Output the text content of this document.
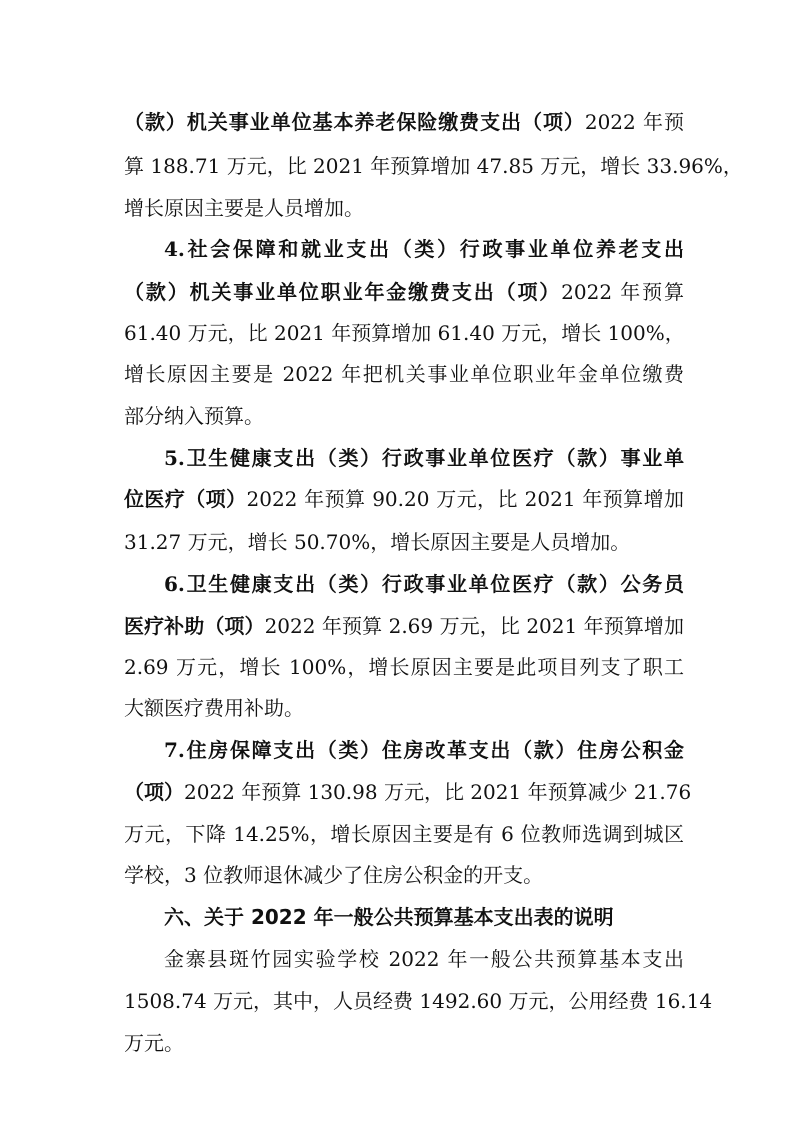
（款）机关事业单位基本养老保险缴费支出（项）2022 年预
算 188.71 万元，比 2021 年预算增加 47.85 万元，增长 33.96%，
增长原因主要是人员增加。
4.社会保障和就业支出（类）行政事业单位养老支出
（款）机关事业单位职业年金缴费支出（项）2022 年预算
61.40 万元，比 2021 年预算增加 61.40 万元，增长 100%，
增长原因主要是 2022 年把机关事业单位职业年金单位缴费
部分纳入预算。
5.卫生健康支出（类）行政事业单位医疗（款）事业单
位医疗（项）2022 年预算 90.20 万元，比 2021 年预算增加
31.27 万元，增长 50.70%，增长原因主要是人员增加。
6.卫生健康支出（类）行政事业单位医疗（款）公务员
医疗补助（项）2022 年预算 2.69 万元，比 2021 年预算增加
2.69 万元，增长 100%，增长原因主要是此项目列支了职工
大额医疗费用补助。
7.住房保障支出（类）住房改革支出（款）住房公积金
（项）2022 年预算 130.98 万元，比 2021 年预算减少 21.76
万元，下降 14.25%，增长原因主要是有 6 位教师选调到城区
学校，3 位教师退休减少了住房公积金的开支。
六、关于 2022 年一般公共预算基本支出表的说明
金寨县斑竹园实验学校 2022 年一般公共预算基本支出
1508.74 万元，其中，人员经费 1492.60 万元，公用经费 16.14
万元。
